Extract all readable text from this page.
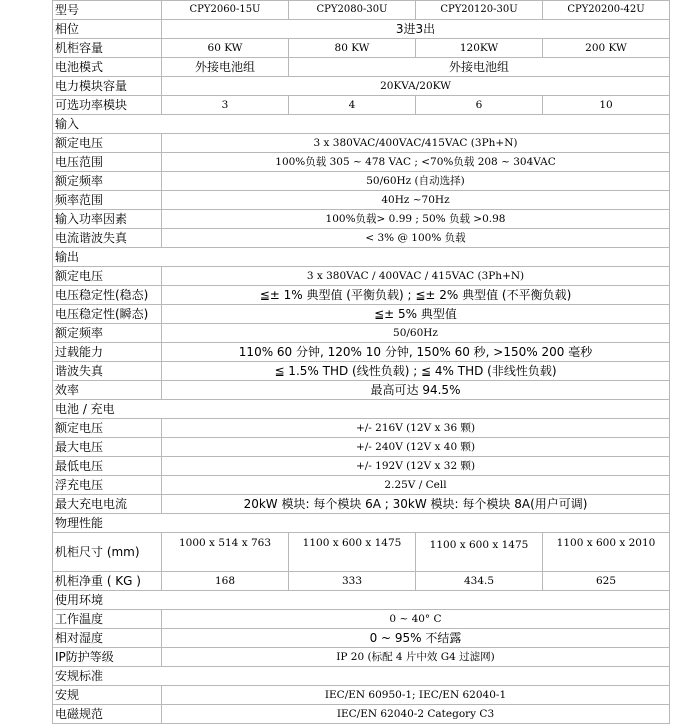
型号	CPY2060-15U	CPY2080-30U	CPY20120-30U	CPY20200-42U
相位	3进3出			
机柜容量	60 KW	80 KW	120KW	200 KW
电池模式	外接电池组	外接电池组		
电力模块容量	20KVA/20KW			
可选功率模块	3	4	6	10
输入				
额定电压	3 x 380VAC/400VAC/415VAC (3Ph+N)			
电压范围	100%负载 305 ~ 478 VAC ; <70%负载 208 ~ 304VAC			
额定频率	50/60Hz (自动选择)			
频率范围	40Hz ~70Hz			
输入功率因素	100%负载> 0.99 ; 50% 负载 >0.98			
电流谐波失真	< 3% @ 100% 负载			
输出				
额定电压	3 x 380VAC / 400VAC / 415VAC (3Ph+N)			
电压稳定性(稳态)	≦± 1% 典型值 (平衡负载) ; ≦± 2% 典型值 (不平衡负载)			
电压稳定性(瞬态)	≦± 5% 典型值			
额定频率	50/60Hz			
过载能力	110% 60 分钟, 120% 10 分钟, 150% 60 秒, >150% 200 毫秒			
谐波失真	≦ 1.5% THD (线性负载) ; ≦ 4% THD (非线性负载)			
效率	最高可达 94.5%			
电池 / 充电				
额定电压	+/- 216V (12V x 36 颗)			
最大电压	+/- 240V (12V x 40 颗)			
最低电压	+/- 192V (12V x 32 颗)			
浮充电压	2.25V / Cell			
最大充电电流	20kW 模块: 每个模块 6A ; 30kW 模块: 每个模块 8A(用户可调)			
物理性能				
机柜尺寸 (mm)	1000 x 514 x 763	1100 x 600 x 1475	1100 x 600 x 1475	1100 x 600 x 2010
机柜净重 ( KG )	168	333	434.5	625
使用环境				
工作温度	0 ~ 40° C			
相对湿度	0 ~ 95% 不结露			
IP防护等级	IP 20 (标配 4 片中效 G4 过滤网)			
安规标准				
安规	IEC/EN 60950-1; IEC/EN 62040-1			
电磁规范	IEC/EN 62040-2 Category C3			
